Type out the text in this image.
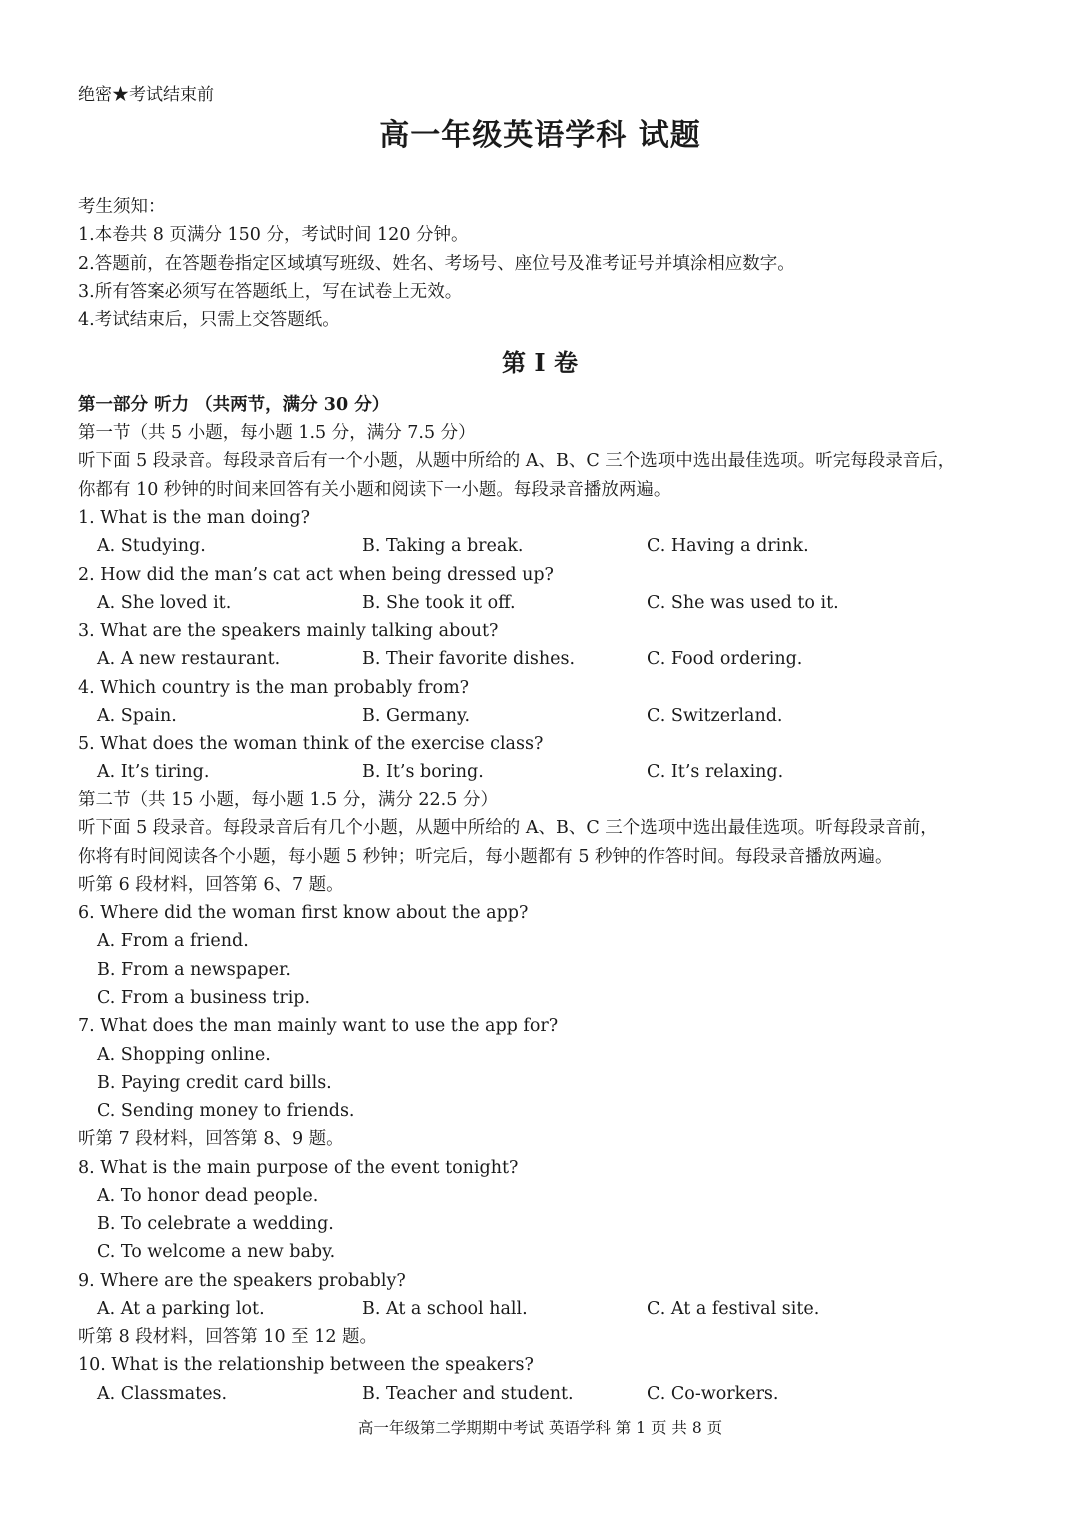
绝密★考试结束前
高一年级英语学科 试题
考生须知：
1.本卷共 8 页满分 150 分，考试时间 120 分钟。
2.答题前，在答题卷指定区域填写班级、姓名、考场号、座位号及准考证号并填涂相应数字。
3.所有答案必须写在答题纸上，写在试卷上无效。
4.考试结束后，只需上交答题纸。
第 I 卷
第一部分 听力 （共两节，满分 30 分）
第一节（共 5 小题，每小题 1.5 分，满分 7.5 分）
听下面 5 段录音。每段录音后有一个小题，从题中所给的 A、B、C 三个选项中选出最佳选项。听完每段录音后，
你都有 10 秒钟的时间来回答有关小题和阅读下一小题。每段录音播放两遍。
1. What is the man doing?
A. Studying.	B. Taking a break.	C. Having a drink.
2. How did the man’s cat act when being dressed up?
A. She loved it.	B. She took it off.	C. She was used to it.
3. What are the speakers mainly talking about?
A. A new restaurant.	B. Their favorite dishes.	C. Food ordering.
4. Which country is the man probably from?
A. Spain.	B. Germany.	C. Switzerland.
5. What does the woman think of the exercise class?
A. It’s tiring.	B. It’s boring.	C. It’s relaxing.
第二节（共 15 小题，每小题 1.5 分，满分 22.5 分）
听下面 5 段录音。每段录音后有几个小题，从题中所给的 A、B、C 三个选项中选出最佳选项。听每段录音前，
你将有时间阅读各个小题，每小题 5 秒钟；听完后，每小题都有 5 秒钟的作答时间。每段录音播放两遍。
听第 6 段材料，回答第 6、7 题。
6. Where did the woman first know about the app?
A. From a friend.
B. From a newspaper.
C. From a business trip.
7. What does the man mainly want to use the app for?
A. Shopping online.
B. Paying credit card bills.
C. Sending money to friends.
听第 7 段材料，回答第 8、9 题。
8. What is the main purpose of the event tonight?
A. To honor dead people.
B. To celebrate a wedding.
C. To welcome a new baby.
9. Where are the speakers probably?
A. At a parking lot.	B. At a school hall.	C. At a festival site.
听第 8 段材料，回答第 10 至 12 题。
10. What is the relationship between the speakers?
A. Classmates.	B. Teacher and student.	C. Co-workers.
高一年级第二学期期中考试 英语学科 第 1 页 共 8 页
